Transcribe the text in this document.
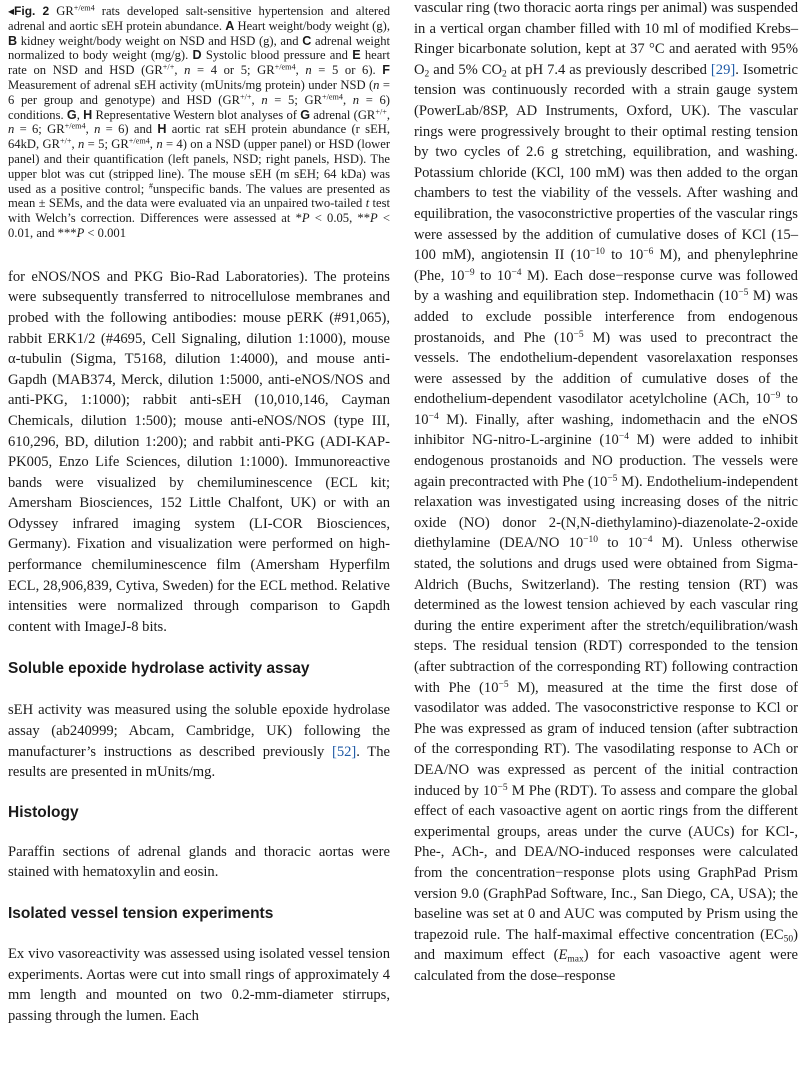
◂Fig. 2 $GR^{+/em4}$ rats developed salt-sensitive hypertension and altered adrenal and aortic sEH protein abundance. A Heart weight/body weight (g), B kidney weight/body weight on NSD and HSD (g), and C adrenal weight normalized to body weight (mg/g). D Systolic blood pressure and E heart rate on NSD and HSD (GR+/+, n = 4 or 5; $GR^{+/em4}$, n = 5 or 6). F Measurement of adrenal sEH activity (mUnits/mg protein) under NSD (n = 6 per group and genotype) and HSD (GR+/+, n = 5; $GR^{+/em4}$, n = 6) conditions. G, H Representative Western blot analyses of G adrenal (GR+/+, n = 6; $GR^{+/em4}$, n = 6) and H aortic rat sEH protein abundance (r sEH, 64kD, GR+/+, n = 5; $GR^{+/em4}$, n = 4) on a NSD (upper panel) or HSD (lower panel) and their quantification (left panels, NSD; right panels, HSD). The upper blot was cut (stripped line). The mouse sEH (m sEH; 64 kDa) was used as a positive control; #unspecific bands. The values are presented as mean ± SEMs, and the data were evaluated via an unpaired two-tailed t test with Welch’s correction. Differences were assessed at *P < 0.05, **P < 0.01, and ***P < 0.001

for eNOS/NOS and PKG Bio-Rad Laboratories). The proteins were subsequently transferred to nitrocellulose membranes and probed with the following antibodies: mouse pERK (#91,065), rabbit ERK1/2 (#4695, Cell Signaling, dilution 1:1000), mouse α-tubulin (Sigma, T5168, dilution 1:4000), and mouse anti-Gapdh (MAB374, Merck, dilution 1:5000, anti-eNOS/NOS and anti-PKG, 1:1000); rabbit anti-sEH (10,010,146, Cayman Chemicals, dilution 1:500); mouse anti-eNOS/NOS (type III, 610,296, BD, dilution 1:200); and rabbit anti-PKG (ADI-KAP-PK005, Enzo Life Sciences, dilution 1:1000). Immunoreactive bands were visualized by chemiluminescence (ECL kit; Amersham Biosciences, 152 Little Chalfont, UK) or with an Odyssey infrared imaging system (LI-COR Biosciences, Germany). Fixation and visualization were performed on high-performance chemiluminescence film (Amersham Hyperfilm ECL, 28,906,839, Cytiva, Sweden) for the ECL method. Relative intensities were normalized through comparison to Gapdh content with ImageJ-8 bits.

Soluble epoxide hydrolase activity assay

sEH activity was measured using the soluble epoxide hydrolase assay (ab240999; Abcam, Cambridge, UK) following the manufacturer’s instructions as described previously [52]. The results are presented in mUnits/mg.

Histology

Paraffin sections of adrenal glands and thoracic aortas were stained with hematoxylin and eosin.

Isolated vessel tension experiments

Ex vivo vasoreactivity was assessed using isolated vessel tension experiments. Aortas were cut into small rings of approximately 4 mm length and mounted on two 0.2-mm-diameter stirrups, passing through the lumen. Each

vascular ring (two thoracic aorta rings per animal) was suspended in a vertical organ chamber filled with 10 ml of modified Krebs–Ringer bicarbonate solution, kept at 37 °C and aerated with 95% $O_2$ and 5% $CO_2$ at pH 7.4 as previously described [29]. Isometric tension was continuously recorded with a strain gauge system (PowerLab/8SP, AD Instruments, Oxford, UK). The vascular rings were progressively brought to their optimal resting tension by two cycles of 2.6 g stretching, equilibration, and washing. Potassium chloride (KCl, 100 mM) was then added to the organ chambers to test the viability of the vessels. After washing and equilibration, the vasoconstrictive properties of the vascular rings were assessed by the addition of cumulative doses of KCl (15–100 mM), angiotensin II ($10^{-10}$ to $10^{-6}$ M), and phenylephrine (Phe, $10^{-9}$ to $10^{-4}$ M). Each dose−response curve was followed by a washing and equilibration step. Indomethacin ($10^{-5}$ M) was added to exclude possible interference from endogenous prostanoids, and Phe ($10^{-5}$ M) was used to precontract the vessels. The endothelium-dependent vasorelaxation responses were assessed by the addition of cumulative doses of the endothelium-dependent vasodilator acetylcholine (ACh, $10^{-9}$ to $10^{-4}$ M). Finally, after washing, indomethacin and the eNOS inhibitor NG-nitro-L-arginine ($10^{-4}$ M) were added to inhibit endogenous prostanoids and NO production. The vessels were again precontracted with Phe ($10^{-5}$ M). Endothelium-independent relaxation was investigated using increasing doses of the nitric oxide (NO) donor 2-(N,N-diethylamino)-diazenolate-2-oxide diethylamine (DEA/NO $10^{-10}$ to $10^{-4}$ M). Unless otherwise stated, the solutions and drugs used were obtained from Sigma-Aldrich (Buchs, Switzerland). The resting tension (RT) was determined as the lowest tension achieved by each vascular ring during the entire experiment after the stretch/equilibration/wash steps. The residual tension (RDT) corresponded to the tension (after subtraction of the corresponding RT) following contraction with Phe ($10^{-5}$ M), measured at the time the first dose of vasodilator was added. The vasoconstrictive response to KCl or Phe was expressed as gram of induced tension (after subtraction of the corresponding RT). The vasodilating response to ACh or DEA/NO was expressed as percent of the initial contraction induced by $10^{-5}$ M Phe (RDT). To assess and compare the global effect of each vasoactive agent on aortic rings from the different experimental groups, areas under the curve (AUCs) for KCl-, Phe-, ACh-, and DEA/NO-induced responses were calculated from the concentration−response plots using GraphPad Prism version 9.0 (GraphPad Software, Inc., San Diego, CA, USA); the baseline was set at 0 and AUC was computed by Prism using the trapezoid rule. The half-maximal effective concentration $(EC_{50})$ and maximum effect $(E_{max})$ for each vasoactive agent were calculated from the dose–response
